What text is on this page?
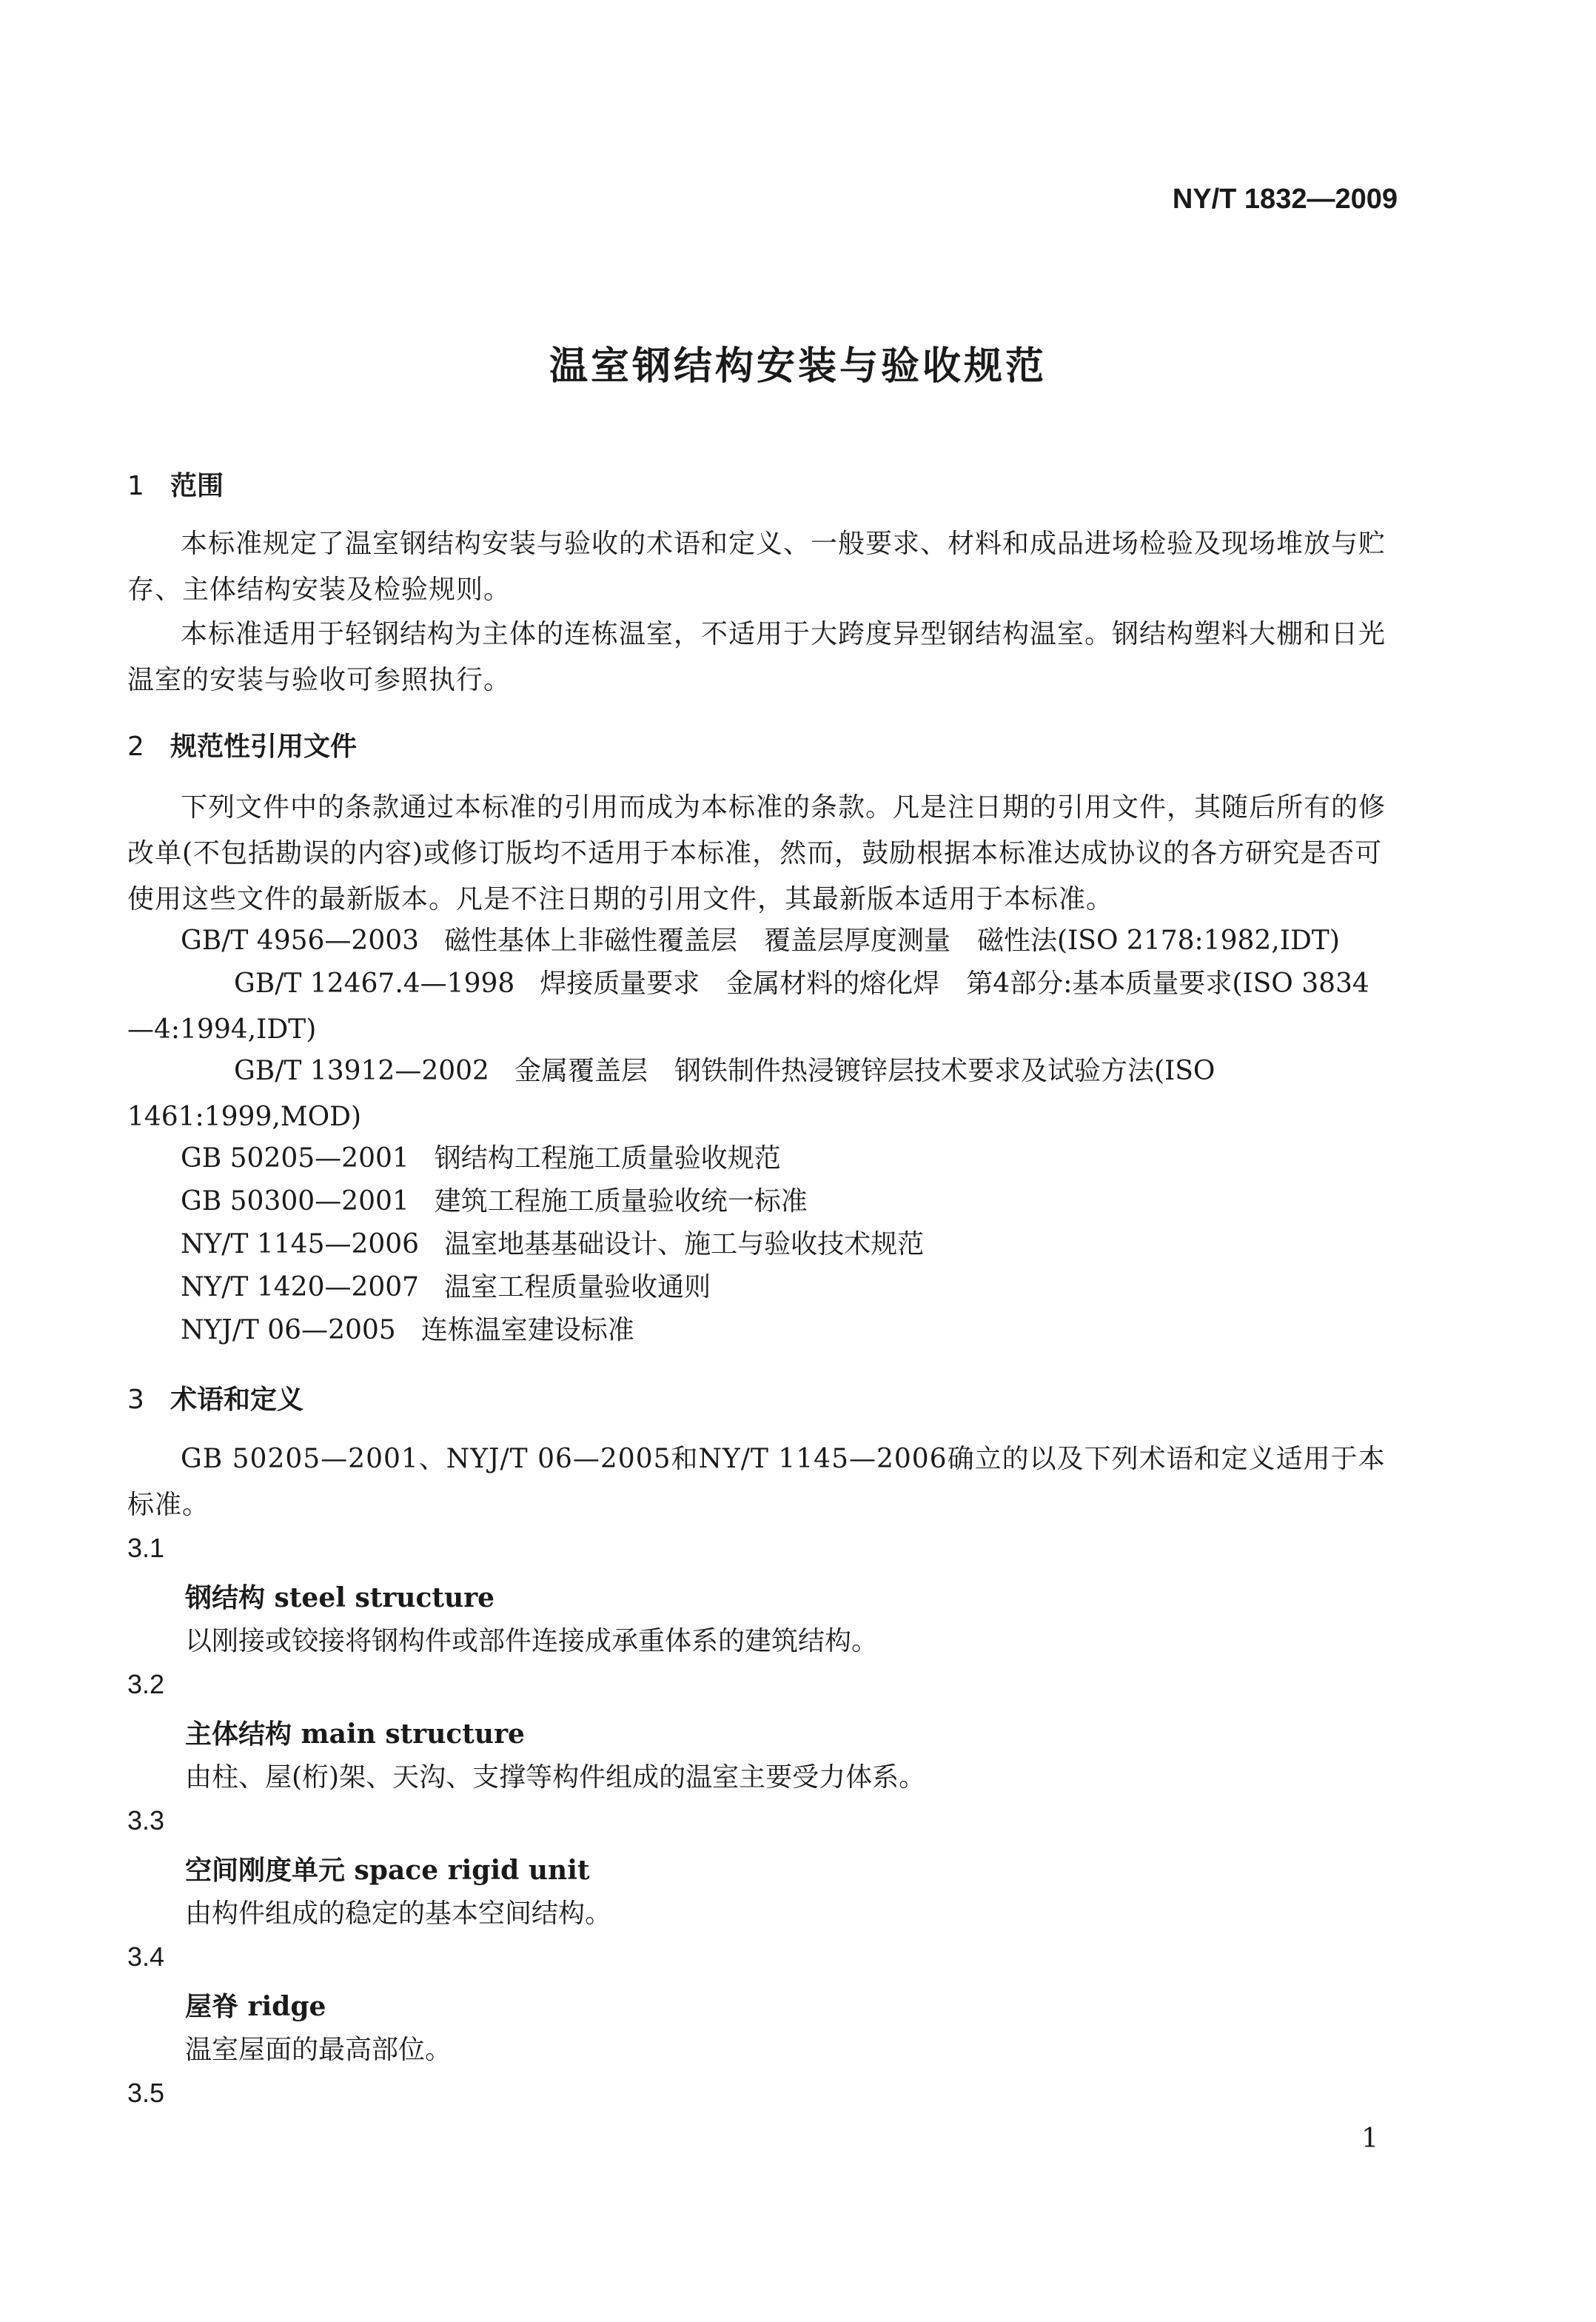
NY/T 1832—2009
温室钢结构安装与验收规范
1 范围
本标准规定了温室钢结构安装与验收的术语和定义、一般要求、材料和成品进场检验及现场堆放与贮存、主体结构安装及检验规则。
本标准适用于轻钢结构为主体的连栋温室，不适用于大跨度异型钢结构温室。钢结构塑料大棚和日光温室的安装与验收可参照执行。
2 规范性引用文件
下列文件中的条款通过本标准的引用而成为本标准的条款。凡是注日期的引用文件，其随后所有的修改单(不包括勘误的内容)或修订版均不适用于本标准，然而，鼓励根据本标准达成协议的各方研究是否可使用这些文件的最新版本。凡是不注日期的引用文件，其最新版本适用于本标准。
GB/T 4956—2003 磁性基体上非磁性覆盖层　覆盖层厚度测量　磁性法(ISO 2178:1982,IDT)
GB/T 12467.4—1998 焊接质量要求　金属材料的熔化焊　第4部分:基本质量要求(ISO 3834—4:1994,IDT)
GB/T 13912—2002 金属覆盖层　钢铁制件热浸镀锌层技术要求及试验方法(ISO 1461:1999,MOD)
GB 50205—2001 钢结构工程施工质量验收规范
GB 50300—2001 建筑工程施工质量验收统一标准
NY/T 1145—2006 温室地基基础设计、施工与验收技术规范
NY/T 1420—2007 温室工程质量验收通则
NYJ/T 06—2005 连栋温室建设标准
3 术语和定义
GB 50205—2001、NYJ/T 06—2005和NY/T 1145—2006确立的以及下列术语和定义适用于本标准。
3.1
钢结构 steel structure
以刚接或铰接将钢构件或部件连接成承重体系的建筑结构。
3.2
主体结构 main structure
由柱、屋(桁)架、天沟、支撑等构件组成的温室主要受力体系。
3.3
空间刚度单元 space rigid unit
由构件组成的稳定的基本空间结构。
3.4
屋脊 ridge
温室屋面的最高部位。
3.5
1
